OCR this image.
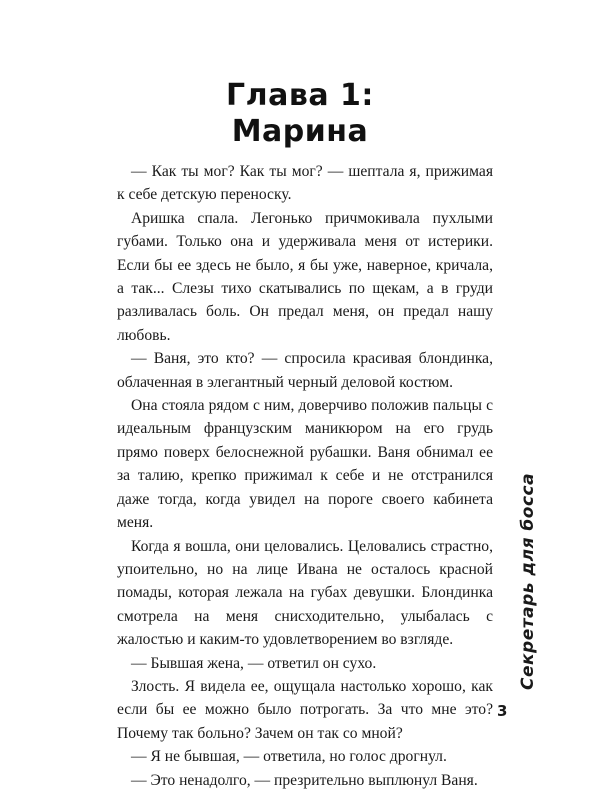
Глава 1:
Марина

— Как ты мог? Как ты мог? — шептала я, прижимая к себе детскую переноску.

Аришка спала. Легонько причмокивала пухлыми губами. Только она и удерживала меня от истерики. Если бы ее здесь не было, я бы уже, наверное, кричала, а так... Слезы тихо скатывались по щекам, а в груди разливалась боль. Он предал меня, он предал нашу любовь.

— Ваня, это кто? — спросила красивая блондинка, облаченная в элегантный черный деловой костюм.

Она стояла рядом с ним, доверчиво положив пальцы с идеальным французским маникюром на его грудь прямо поверх белоснежной рубашки. Ваня обнимал ее за талию, крепко прижимал к себе и не отстранился даже тогда, когда увидел на пороге своего кабинета меня.

Когда я вошла, они целовались. Целовались страстно, упоительно, но на лице Ивана не осталось красной помады, которая лежала на губах девушки. Блондинка смотрела на меня снисходительно, улыбалась с жалостью и каким-то удовлетворением во взгляде.

— Бывшая жена, — ответил он сухо.

Злость. Я видела ее, ощущала настолько хорошо, как если бы ее можно было потрогать. За что мне это? Почему так больно? Зачем он так со мной?

— Я не бывшая, — ответила, но голос дрогнул.

— Это ненадолго, — презрительно выплюнул Ваня.

Секретарь для босса
3
